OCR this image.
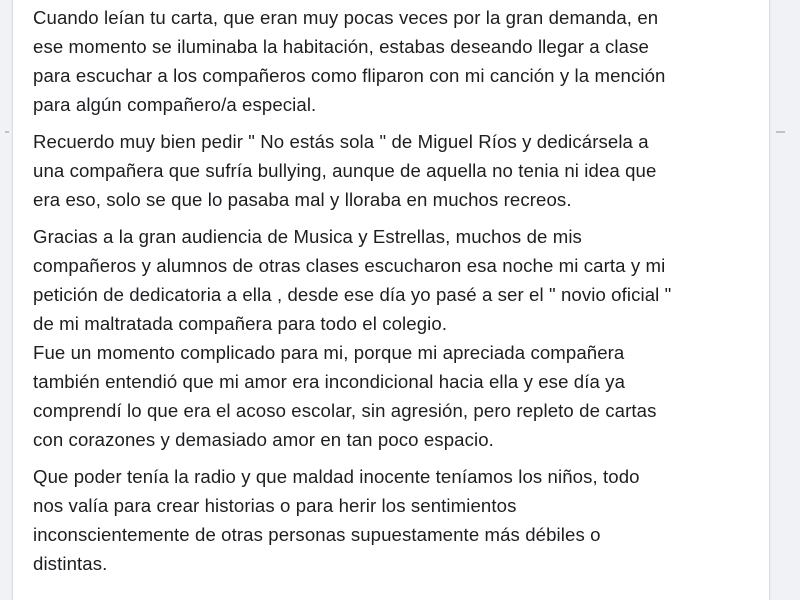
Cuando leían tu carta, que eran muy pocas veces por la gran demanda, en
ese momento se iluminaba la habitación, estabas deseando llegar a clase
para escuchar a los compañeros como fliparon con mi canción y la mención
para algún compañero/a especial.

Recuerdo muy bien pedir " No estás sola " de Miguel Ríos y dedicársela a
una compañera que sufría bullying, aunque de aquella no tenia ni idea que
era eso, solo se que lo pasaba mal y lloraba en muchos recreos.

Gracias a la gran audiencia de Musica y Estrellas, muchos de mis
compañeros y alumnos de otras clases escucharon esa noche mi carta y mi
petición de dedicatoria a ella , desde ese día yo pasé a ser el " novio oficial "
de mi maltratada compañera para todo el colegio.
Fue un momento complicado para mi, porque mi apreciada compañera
también entendió que mi amor era incondicional hacia ella y ese día ya
comprendí lo que era el acoso escolar, sin agresión, pero repleto de cartas
con corazones y demasiado amor en tan poco espacio.

Que poder tenía la radio y que maldad inocente teníamos los niños, todo
nos valía para crear historias o para herir los sentimientos
inconscientemente de otras personas supuestamente más débiles o
distintas.
